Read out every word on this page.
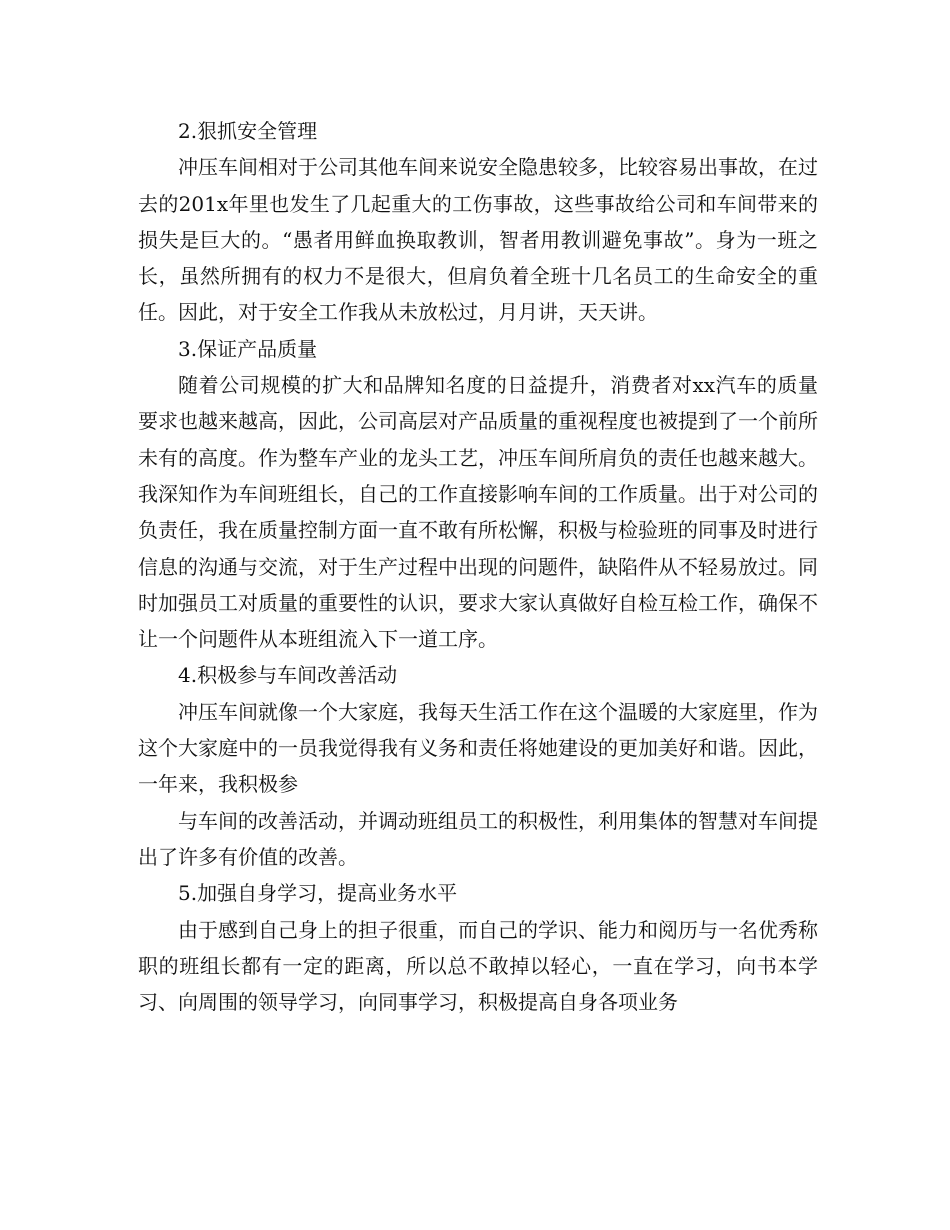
2.狠抓安全管理

冲压车间相对于公司其他车间来说安全隐患较多，比较容易出事故，在过去的201x年里也发生了几起重大的工伤事故，这些事故给公司和车间带来的损失是巨大的。“愚者用鲜血换取教训，智者用教训避免事故”。身为一班之长，虽然所拥有的权力不是很大，但肩负着全班十几名员工的生命安全的重任。因此，对于安全工作我从未放松过，月月讲，天天讲。

3.保证产品质量

随着公司规模的扩大和品牌知名度的日益提升，消费者对xx汽车的质量要求也越来越高，因此，公司高层对产品质量的重视程度也被提到了一个前所未有的高度。作为整车产业的龙头工艺，冲压车间所肩负的责任也越来越大。我深知作为车间班组长，自己的工作直接影响车间的工作质量。出于对公司的负责任，我在质量控制方面一直不敢有所松懈，积极与检验班的同事及时进行信息的沟通与交流，对于生产过程中出现的问题件，缺陷件从不轻易放过。同时加强员工对质量的重要性的认识，要求大家认真做好自检互检工作，确保不让一个问题件从本班组流入下一道工序。

4.积极参与车间改善活动

冲压车间就像一个大家庭，我每天生活工作在这个温暖的大家庭里，作为这个大家庭中的一员我觉得我有义务和责任将她建设的更加美好和谐。因此，一年来，我积极参

与车间的改善活动，并调动班组员工的积极性，利用集体的智慧对车间提出了许多有价值的改善。

5.加强自身学习，提高业务水平

由于感到自己身上的担子很重，而自己的学识、能力和阅历与一名优秀称职的班组长都有一定的距离，所以总不敢掉以轻心，一直在学习，向书本学习、向周围的领导学习，向同事学习，积极提高自身各项业务
